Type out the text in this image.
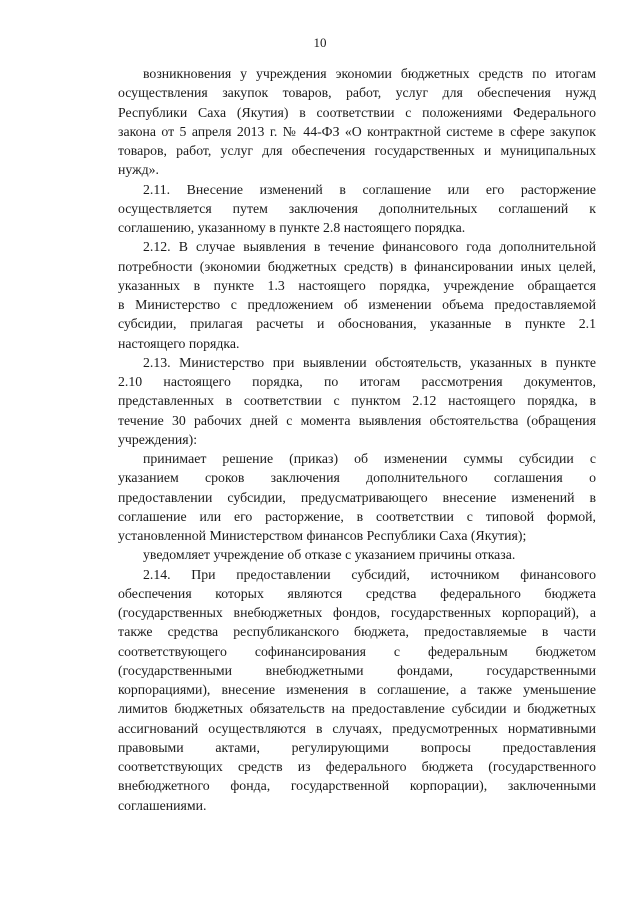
10
возникновения у учреждения экономии бюджетных средств по итогам
осуществления закупок товаров, работ, услуг для обеспечения нужд
Республики Саха (Якутия) в соответствии с положениями Федерального
закона от 5 апреля 2013 г. № 44-ФЗ «О контрактной системе в сфере закупок
товаров, работ, услуг для обеспечения государственных и муниципальных
нужд».
2.11. Внесение изменений в соглашение или его расторжение
осуществляется путем заключения дополнительных соглашений к
соглашению, указанному в пункте 2.8 настоящего порядка.
2.12. В случае выявления в течение финансового года дополнительной
потребности (экономии бюджетных средств) в финансировании иных целей,
указанных в пункте 1.3 настоящего порядка, учреждение обращается
в Министерство с предложением об изменении объема предоставляемой
субсидии, прилагая расчеты и обоснования, указанные в пункте 2.1
настоящего порядка.
2.13. Министерство при выявлении обстоятельств, указанных в пункте
2.10 настоящего порядка, по итогам рассмотрения документов,
представленных в соответствии с пунктом 2.12 настоящего порядка, в
течение 30 рабочих дней с момента выявления обстоятельства (обращения
учреждения):
принимает решение (приказ) об изменении суммы субсидии с
указанием сроков заключения дополнительного соглашения о
предоставлении субсидии, предусматривающего внесение изменений в
соглашение или его расторжение, в соответствии с типовой формой,
установленной Министерством финансов Республики Саха (Якутия);
уведомляет учреждение об отказе с указанием причины отказа.
2.14. При предоставлении субсидий, источником финансового
обеспечения которых являются средства федерального бюджета
(государственных внебюджетных фондов, государственных корпораций), а
также средства республиканского бюджета, предоставляемые в части
соответствующего софинансирования с федеральным бюджетом
(государственными внебюджетными фондами, государственными
корпорациями), внесение изменения в соглашение, а также уменьшение
лимитов бюджетных обязательств на предоставление субсидии и бюджетных
ассигнований осуществляются в случаях, предусмотренных нормативными
правовыми актами, регулирующими вопросы предоставления
соответствующих средств из федерального бюджета (государственного
внебюджетного фонда, государственной корпорации), заключенными
соглашениями.
